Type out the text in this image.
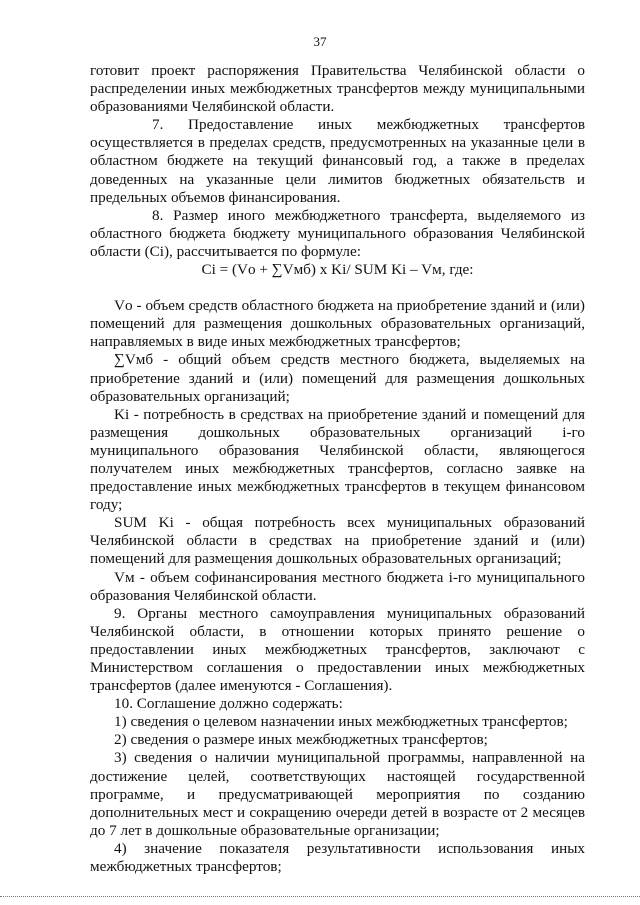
37

готовит проект распоряжения Правительства Челябинской области о распределении иных межбюджетных трансфертов между муниципальными образованиями Челябинской области.

7. Предоставление иных межбюджетных трансфертов осуществляется в пределах средств, предусмотренных на указанные цели в областном бюджете на текущий финансовый год, а также в пределах доведенных на указанные цели лимитов бюджетных обязательств и предельных объемов финансирования.

8. Размер иного межбюджетного трансферта, выделяемого из областного бюджета бюджету муниципального образования Челябинской области (Ci), рассчитывается по формуле:

Ci = (Vо + ∑Vмб) x Ki/ SUM Ki – Vм, где:

Vо - объем средств областного бюджета на приобретение зданий и (или) помещений для размещения дошкольных образовательных организаций, направляемых в виде иных межбюджетных трансфертов;

∑Vмб - общий объем средств местного бюджета, выделяемых на приобретение зданий и (или) помещений для размещения дошкольных образовательных организаций;

Ki - потребность в средствах на приобретение зданий и помещений для размещения дошкольных образовательных организаций i-го муниципального образования Челябинской области, являющегося получателем иных межбюджетных трансфертов, согласно заявке на предоставление иных межбюджетных трансфертов в текущем финансовом году;

SUM Ki - общая потребность всех муниципальных образований Челябинской области в средствах на приобретение зданий и (или) помещений для размещения дошкольных образовательных организаций;

Vм - объем софинансирования местного бюджета i-го муниципального образования Челябинской области.

9. Органы местного самоуправления муниципальных образований Челябинской области, в отношении которых принято решение о предоставлении иных межбюджетных трансфертов, заключают с Министерством соглашения о предоставлении иных межбюджетных трансфертов (далее именуются - Соглашения).

10. Соглашение должно содержать:

1) сведения о целевом назначении иных межбюджетных трансфертов;

2) сведения о размере иных межбюджетных трансфертов;

3) сведения о наличии муниципальной программы, направленной на достижение целей, соответствующих настоящей государственной программе, и предусматривающей мероприятия по созданию дополнительных мест и сокращению очереди детей в возрасте от 2 месяцев до 7 лет в дошкольные образовательные организации;

4) значение показателя результативности использования иных межбюджетных трансфертов;
